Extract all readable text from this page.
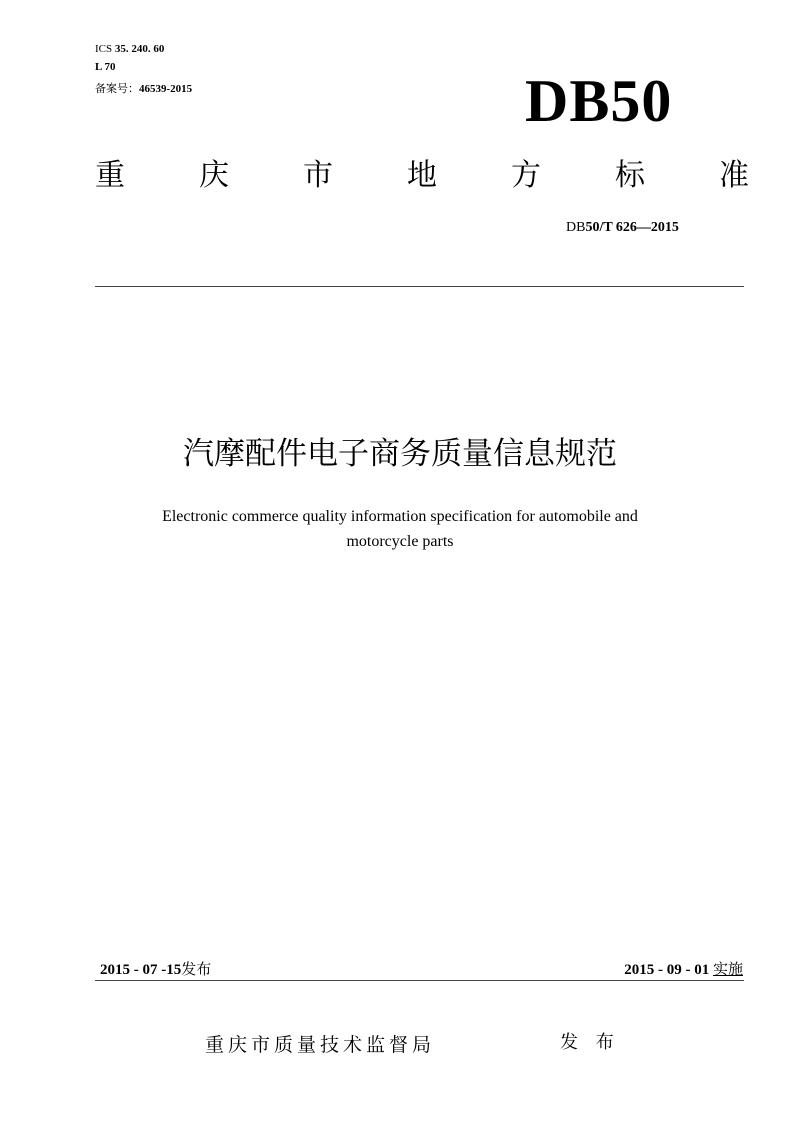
ICS 35. 240. 60
L 70
备案号：46539-2015	DB50
重 庆 市 地 方 标 准
DB50/T 626—2015
汽摩配件电子商务质量信息规范
Electronic commerce quality information specification for automobile and
motorcycle parts
2015 - 07 -15发布	2015 - 09 - 01 实施
重庆市质量技术监督局	发 布
